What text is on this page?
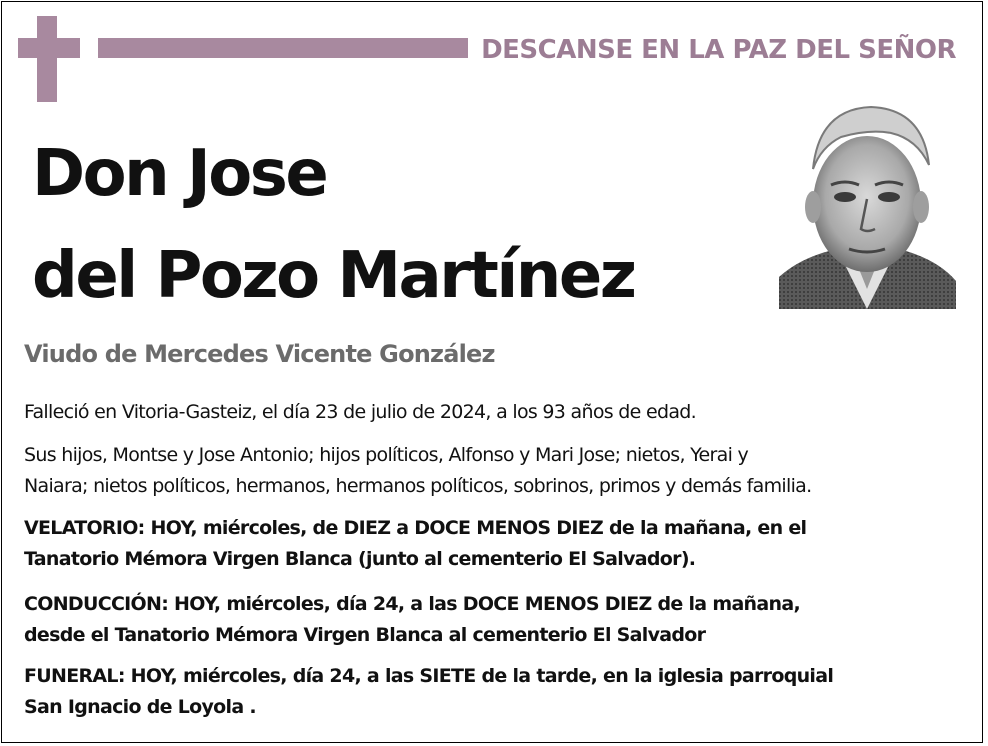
DESCANSE EN LA PAZ DEL SEÑOR
Don Jose
del Pozo Martínez
Viudo de Mercedes Vicente González
Falleció en Vitoria-Gasteiz, el día 23 de julio de 2024, a los 93 años de edad.
Sus hijos, Montse y Jose Antonio; hijos políticos, Alfonso y Mari Jose; nietos, Yerai y
Naiara; nietos políticos, hermanos, hermanos políticos, sobrinos, primos y demás familia.
VELATORIO: HOY, miércoles, de DIEZ a DOCE MENOS DIEZ de la mañana, en el
Tanatorio Mémora Virgen Blanca (junto al cementerio El Salvador).
CONDUCCIÓN: HOY, miércoles, día 24, a las DOCE MENOS DIEZ de la mañana,
desde el Tanatorio Mémora Virgen Blanca al cementerio El Salvador
FUNERAL: HOY, miércoles, día 24, a las SIETE de la tarde, en la iglesia parroquial
San Ignacio de Loyola .
